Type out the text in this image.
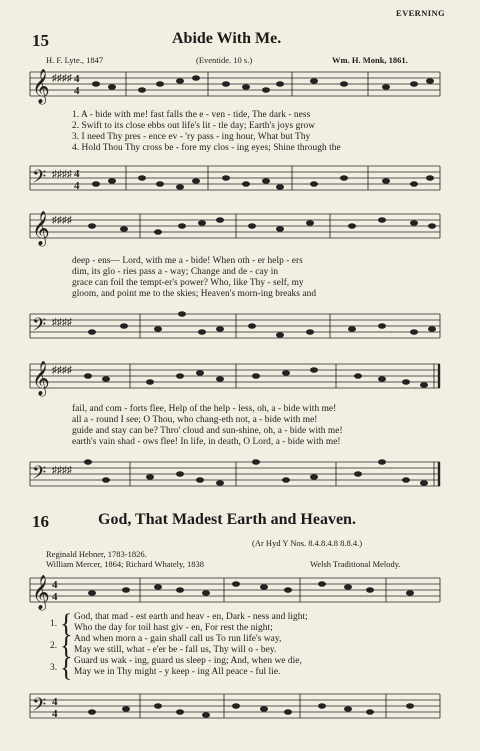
EVERNING
15	Abide With Me.
H. F. Lyte., 1847	(Eventide. 10 s.)	Wm. H. Monk, 1861.
𝄞 ♯♯♯♯ 4
4
1. A - bide with me! fast falls the e - ven - tide, The dark - ness
2. Swift to its close ebbs out life's lit - tle day; Earth's joys grow
3. I need Thy pres - ence ev - 'ry pass - ing hour, What but Thy
4. Hold Thou Thy cross be - fore my clos - ing eyes; Shine through the
𝄢 ♯♯♯♯ 4
4
𝄞 ♯♯♯♯
deep - ens— Lord, with me a - bide! When oth - er help - ers
dim, its glo - ries pass a - way; Change and de - cay in
grace can foil the tempt-er's power? Who, like Thy - self, my
gloom, and point me to the skies; Heaven's morn-ing breaks and
𝄢 ♯♯♯♯
𝄞 ♯♯♯♯
fail, and com - forts flee, Help of the help - less, oh, a - bide with me!
all a - round I see; O Thou, who chang-eth not, a - bide with me!
guide and stay can be? Thro' cloud and sun-shine, oh, a - bide with me!
earth's vain shad - ows flee! In life, in death, O Lord, a - bide with me!
𝄢 ♯♯♯♯
16	God, That Madest Earth and Heaven.
(Ar Hyd Y Nos. 8.4.8.4.8 8.8.4.)
Reginald Hebner, 1783-1826.
William Mercer, 1864; Richard Whately, 1838	Welsh Traditional Melody.
𝄞 4
4
1. { God, that mad - est earth and heav - en, Dark - ness and light;
Who the day for toil hast giv - en, For rest the night;
2. { And when morn a - gain shall call us To run life's way,
May we still, what - e'er be - fall us, Thy will o - bey.
3. { Guard us wak - ing, guard us sleep - ing; And, when we die,
May we in Thy might - y keep - ing All peace - ful lie.
𝄢 4
4
